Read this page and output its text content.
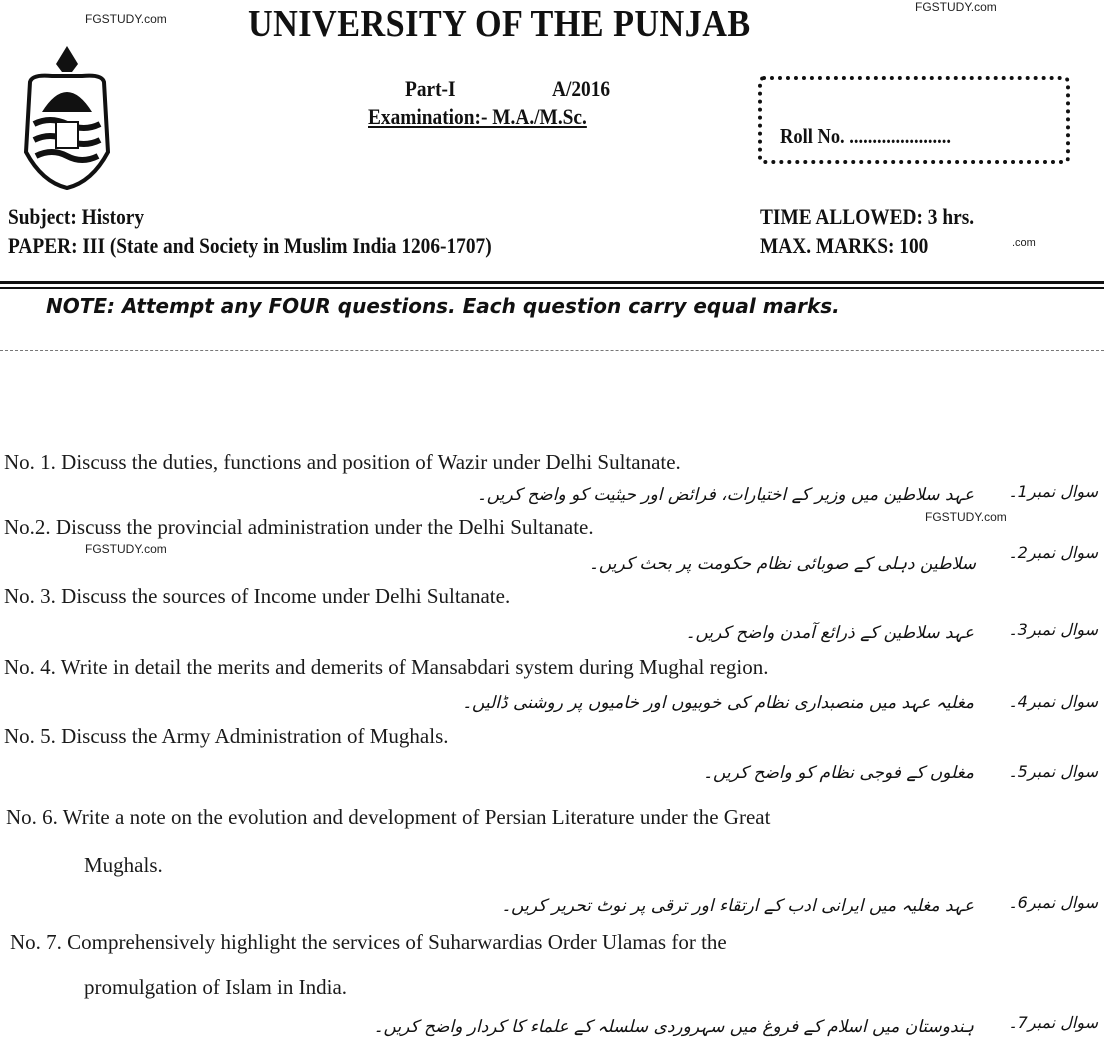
FGSTUDY.com
FGSTUDY.com
FGSTUDY.com
FGSTUDY.com
.com
UNIVERSITY OF THE PUNJAB
Part-I	A/2016
Examination:- M.A./M.Sc.
Roll No. ......................
Subject: History
PAPER: III (State and Society in Muslim India 1206-1707)
TIME ALLOWED: 3 hrs.
MAX. MARKS: 100
NOTE: Attempt any FOUR questions. Each question carry equal marks.
No. 1. Discuss the duties, functions and position of Wazir under Delhi Sultanate.
سوال نمبر1۔
عہد سلاطین میں وزیر کے اختیارات، فرائض اور حیثیت کو واضح کریں۔
No.2. Discuss the provincial administration under the Delhi Sultanate.
سوال نمبر2۔
سلاطین دہلی کے صوبائی نظام حکومت پر بحث کریں۔
No. 3. Discuss the sources of Income under Delhi Sultanate.
سوال نمبر3۔
عہد سلاطین کے ذرائع آمدن واضح کریں۔
No. 4. Write in detail the merits and demerits of Mansabdari system during Mughal region.
سوال نمبر4۔
مغلیہ عہد میں منصبداری نظام کی خوبیوں اور خامیوں پر روشنی ڈالیں۔
No. 5. Discuss the Army Administration of Mughals.
سوال نمبر5۔
مغلوں کے فوجی نظام کو واضح کریں۔
No. 6. Write a note on the evolution and development of Persian Literature under the Great
Mughals.
سوال نمبر6۔
عہد مغلیہ میں ایرانی ادب کے ارتقاء اور ترقی پر نوٹ تحریر کریں۔
No. 7. Comprehensively highlight the services of Suharwardias Order Ulamas for the
promulgation of Islam in India.
سوال نمبر7۔
ہندوستان میں اسلام کے فروغ میں سہروردی سلسلہ کے علماء کا کردار واضح کریں۔
